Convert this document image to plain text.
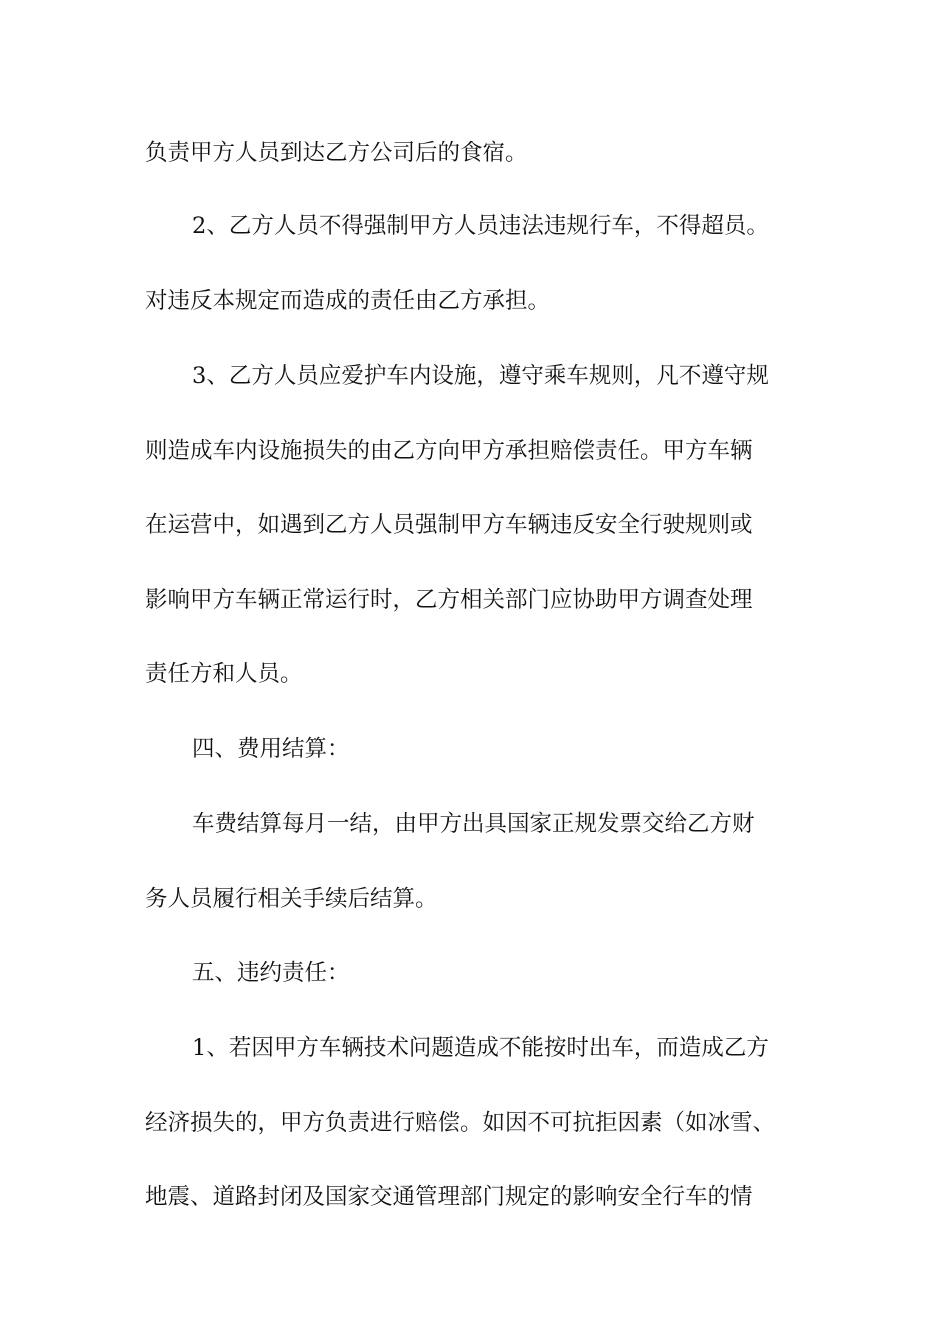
负责甲方人员到达乙方公司后的食宿。
2、乙方人员不得强制甲方人员违法违规行车，不得超员。
对违反本规定而造成的责任由乙方承担。
3、乙方人员应爱护车内设施，遵守乘车规则，凡不遵守规
则造成车内设施损失的由乙方向甲方承担赔偿责任。甲方车辆
在运营中，如遇到乙方人员强制甲方车辆违反安全行驶规则或
影响甲方车辆正常运行时，乙方相关部门应协助甲方调查处理
责任方和人员。
四、费用结算：
车费结算每月一结，由甲方出具国家正规发票交给乙方财
务人员履行相关手续后结算。
五、违约责任：
1、若因甲方车辆技术问题造成不能按时出车，而造成乙方
经济损失的，甲方负责进行赔偿。如因不可抗拒因素（如冰雪、
地震、道路封闭及国家交通管理部门规定的影响安全行车的情
